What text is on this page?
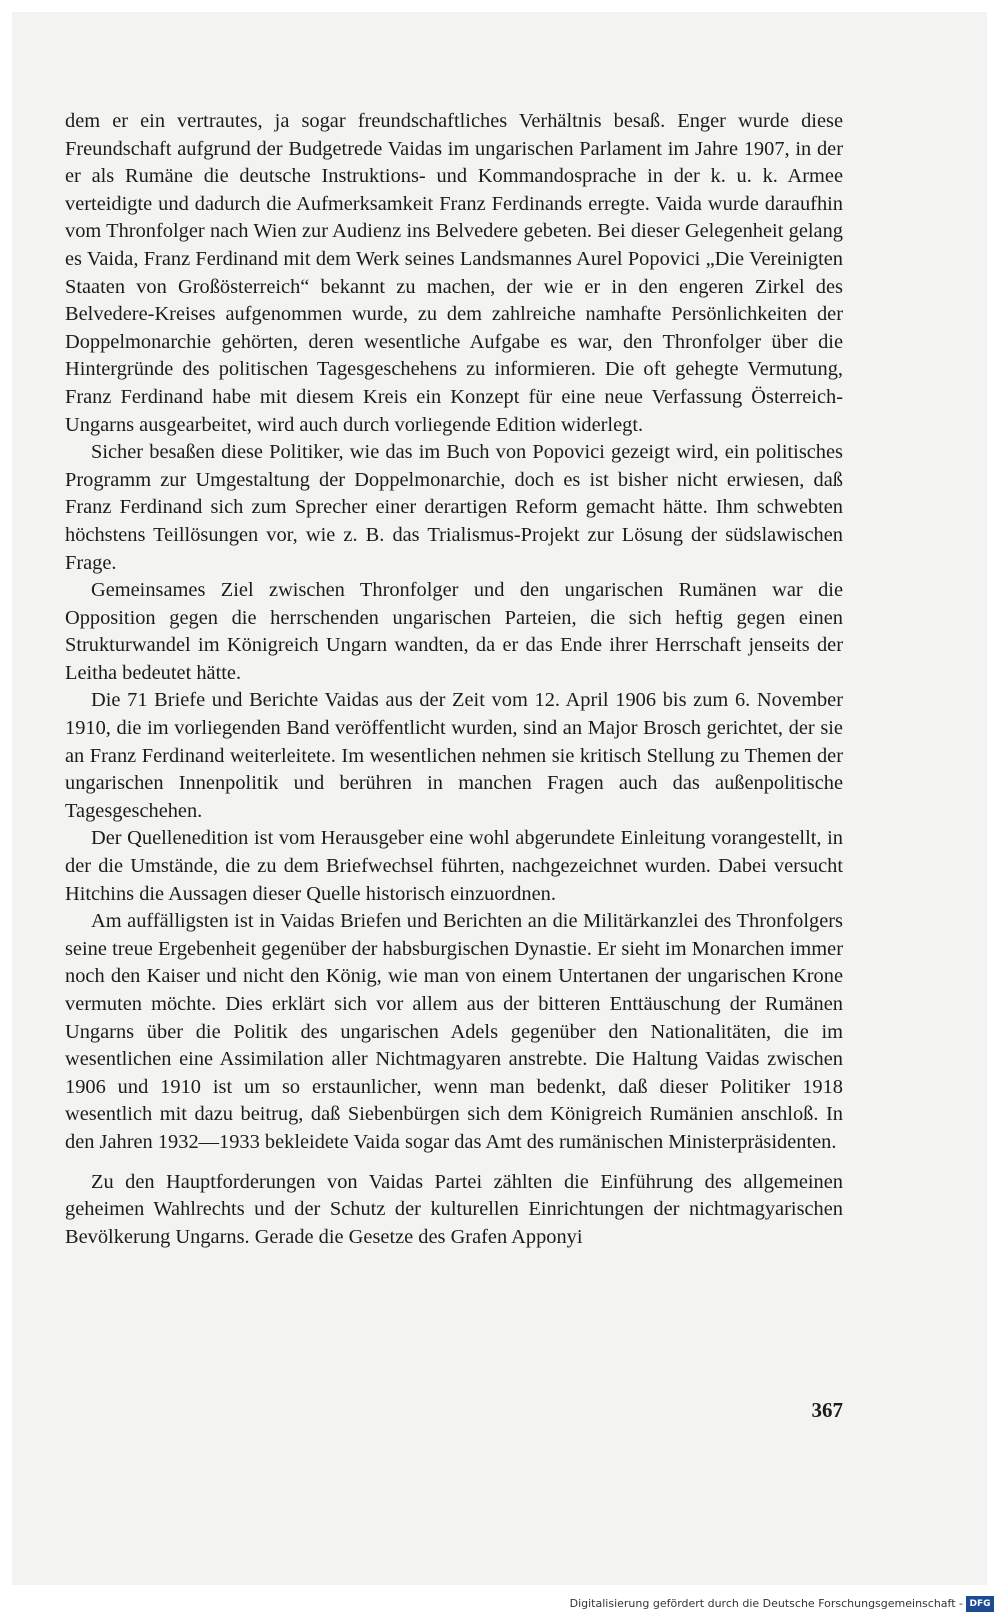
dem er ein vertrautes, ja sogar freundschaftliches Verhältnis besaß. Enger wurde diese Freundschaft aufgrund der Budgetrede Vaidas im ungarischen Parlament im Jahre 1907, in der er als Rumäne die deutsche Instruktions- und Kommandosprache in der k. u. k. Armee verteidigte und dadurch die Aufmerksamkeit Franz Ferdinands erregte. Vaida wurde daraufhin vom Thronfolger nach Wien zur Audienz ins Belvedere gebeten. Bei dieser Gelegenheit gelang es Vaida, Franz Ferdinand mit dem Werk seines Landsmannes Aurel Popovici „Die Vereinigten Staaten von Großösterreich“ bekannt zu machen, der wie er in den engeren Zirkel des Belvedere-Kreises aufgenommen wurde, zu dem zahlreiche namhafte Persönlichkeiten der Doppelmonarchie gehörten, deren wesentliche Aufgabe es war, den Thronfolger über die Hintergründe des politischen Tagesgeschehens zu informieren. Die oft gehegte Vermutung, Franz Ferdinand habe mit diesem Kreis ein Konzept für eine neue Verfassung Österreich-Ungarns ausgearbeitet, wird auch durch vorliegende Edition widerlegt.

Sicher besaßen diese Politiker, wie das im Buch von Popovici gezeigt wird, ein politisches Programm zur Umgestaltung der Doppelmonarchie, doch es ist bisher nicht erwiesen, daß Franz Ferdinand sich zum Sprecher einer derartigen Reform gemacht hätte. Ihm schwebten höchstens Teillösungen vor, wie z. B. das Trialismus-Projekt zur Lösung der südslawischen Frage.

Gemeinsames Ziel zwischen Thronfolger und den ungarischen Rumänen war die Opposition gegen die herrschenden ungarischen Parteien, die sich heftig gegen einen Strukturwandel im Königreich Ungarn wandten, da er das Ende ihrer Herrschaft jenseits der Leitha bedeutet hätte.

Die 71 Briefe und Berichte Vaidas aus der Zeit vom 12. April 1906 bis zum 6. November 1910, die im vorliegenden Band veröffentlicht wurden, sind an Major Brosch gerichtet, der sie an Franz Ferdinand weiterleitete. Im wesentlichen nehmen sie kritisch Stellung zu Themen der ungarischen Innenpolitik und berühren in manchen Fragen auch das außenpolitische Tagesgeschehen.

Der Quellenedition ist vom Herausgeber eine wohl abgerundete Einleitung vorangestellt, in der die Umstände, die zu dem Briefwechsel führten, nachgezeichnet wurden. Dabei versucht Hitchins die Aussagen dieser Quelle historisch einzuordnen.

Am auffälligsten ist in Vaidas Briefen und Berichten an die Militärkanzlei des Thronfolgers seine treue Ergebenheit gegenüber der habsburgischen Dynastie. Er sieht im Monarchen immer noch den Kaiser und nicht den König, wie man von einem Untertanen der ungarischen Krone vermuten möchte. Dies erklärt sich vor allem aus der bitteren Enttäuschung der Rumänen Ungarns über die Politik des ungarischen Adels gegenüber den Nationalitäten, die im wesentlichen eine Assimilation aller Nichtmagyaren anstrebte. Die Haltung Vaidas zwischen 1906 und 1910 ist um so erstaunlicher, wenn man bedenkt, daß dieser Politiker 1918 wesentlich mit dazu beitrug, daß Siebenbürgen sich dem Königreich Rumänien anschloß. In den Jahren 1932—1933 bekleidete Vaida sogar das Amt des rumänischen Ministerpräsidenten.

Zu den Hauptforderungen von Vaidas Partei zählten die Einführung des allgemeinen geheimen Wahlrechts und der Schutz der kulturellen Einrichtungen der nichtmagyarischen Bevölkerung Ungarns. Gerade die Gesetze des Grafen Apponyi

367
Digitalisierung gefördert durch die Deutsche Forschungsgemeinschaft - DFG
